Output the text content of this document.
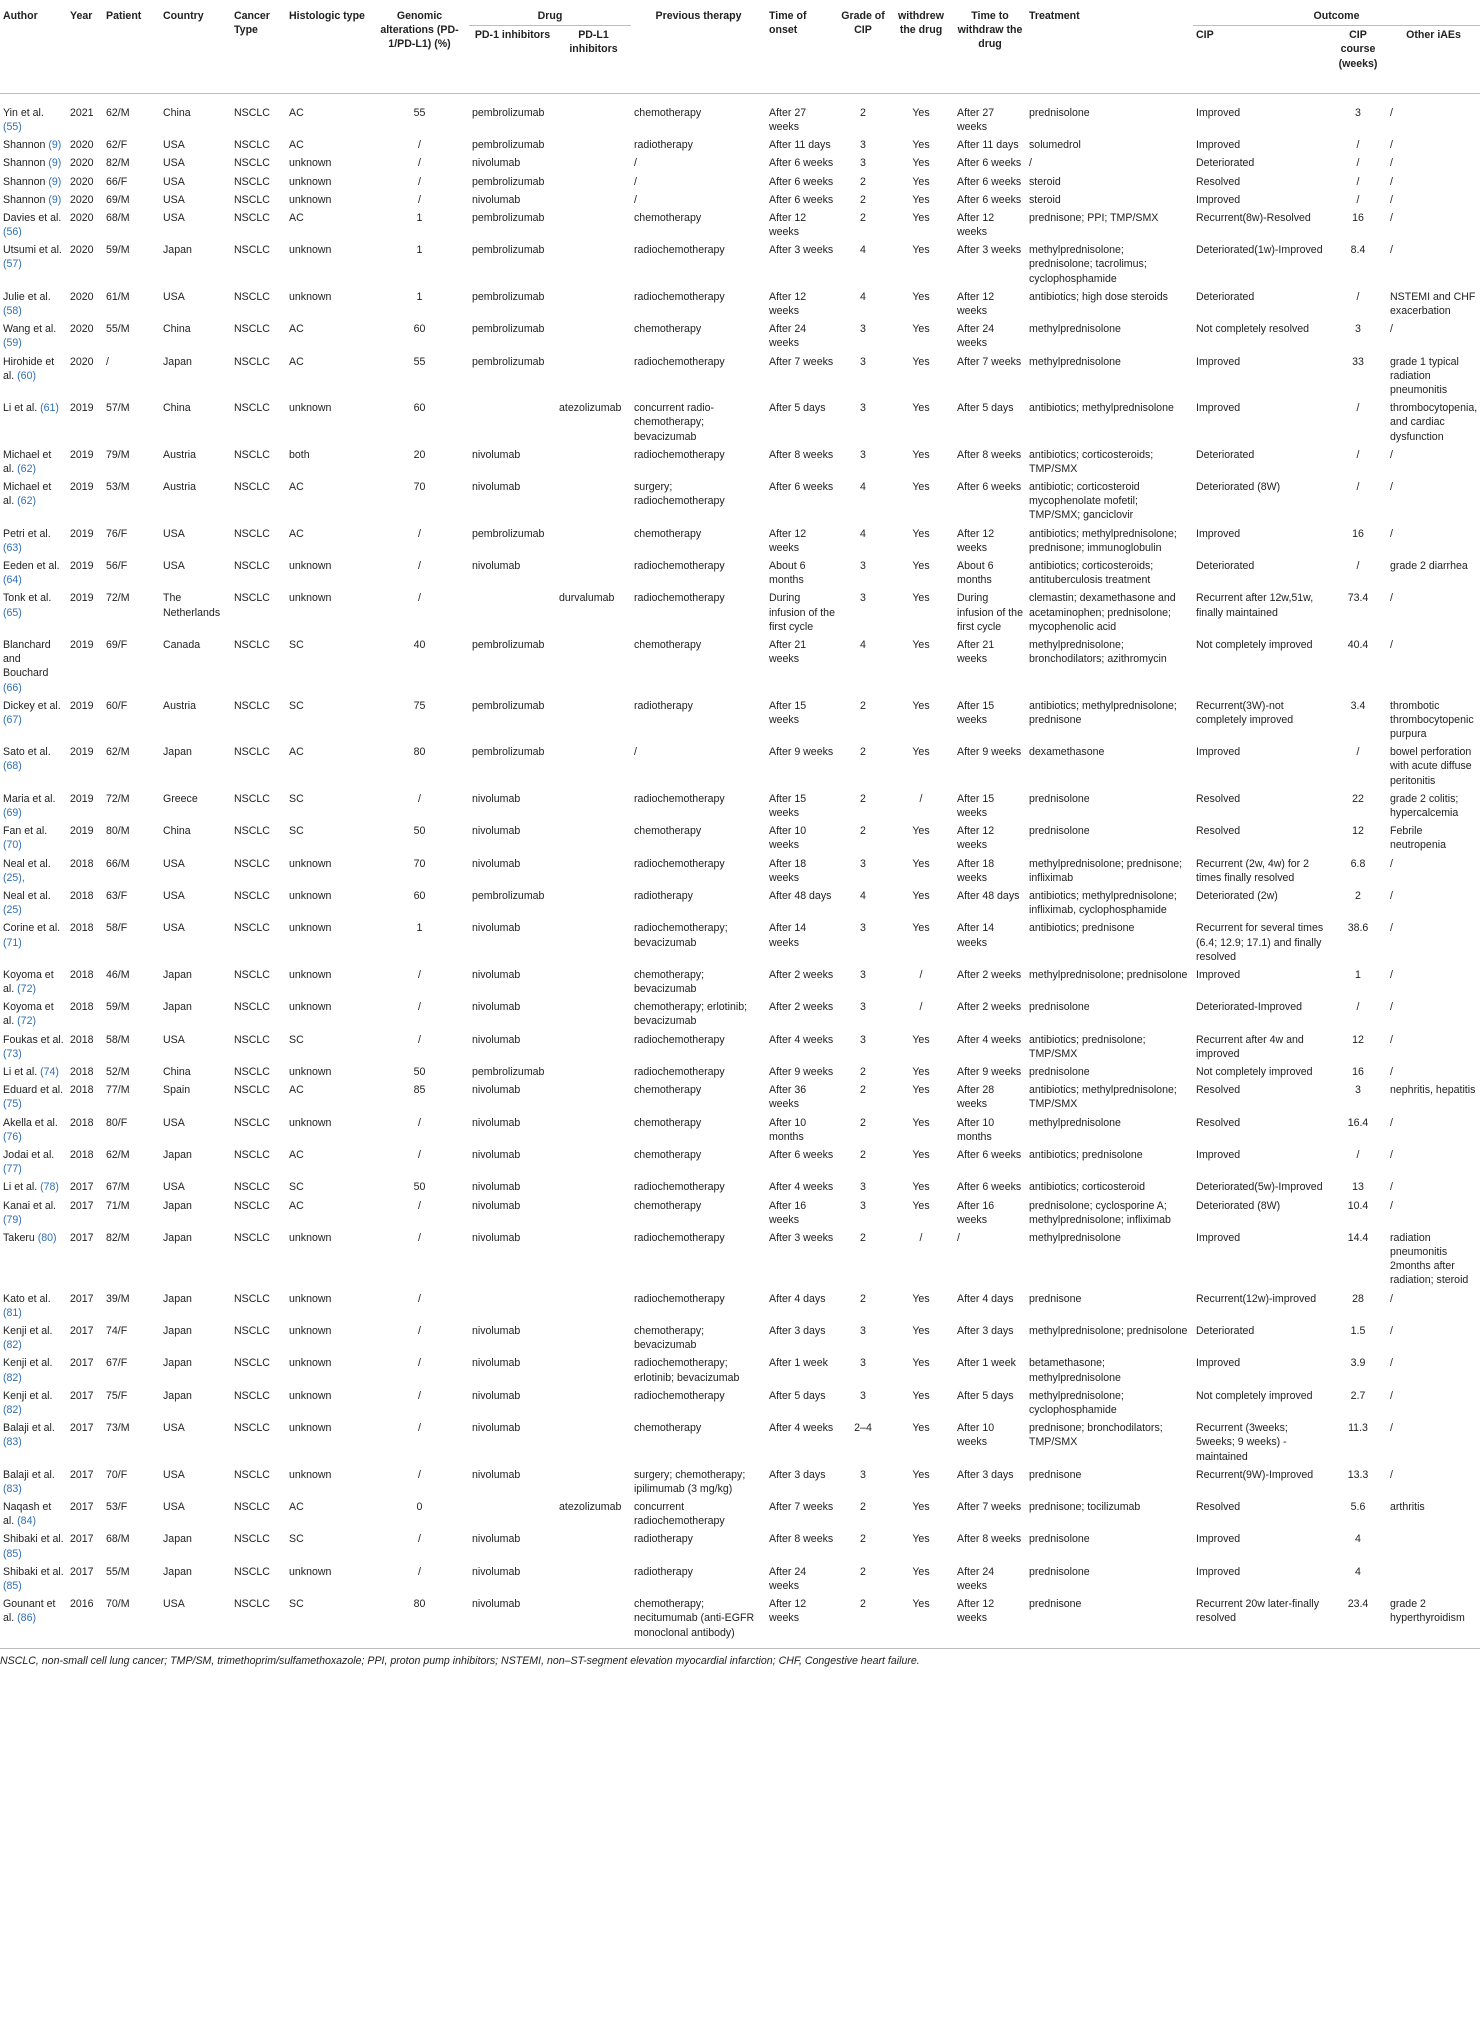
Author	Year	Patient	Country	Cancer Type	Histologic type	Genomic alterations (PD-1/PD-L1) (%)	Drug		Previous therapy	Time of onset	Grade of CIP	withdrew the drug	Time to withdraw the drug	Treatment	Outcome		
							PD-1 inhibitors	PD-L1 inhibitors							CIP	CIP course (weeks)	Other iAEs
Yin et al. (55)	2021	62/M	China	NSCLC	AC	55	pembrolizumab		chemotherapy	After 27 weeks	2	Yes	After 27 weeks	prednisolone	Improved	3	/
Shannon (9)	2020	62/F	USA	NSCLC	AC	/	pembrolizumab		radiotherapy	After 11 days	3	Yes	After 11 days	solumedrol	Improved	/	/
Shannon (9)	2020	82/M	USA	NSCLC	unknown	/	nivolumab		/	After 6 weeks	3	Yes	After 6 weeks	/	Deteriorated	/	/
Shannon (9)	2020	66/F	USA	NSCLC	unknown	/	pembrolizumab		/	After 6 weeks	2	Yes	After 6 weeks	steroid	Resolved	/	/
Shannon (9)	2020	69/M	USA	NSCLC	unknown	/	nivolumab		/	After 6 weeks	2	Yes	After 6 weeks	steroid	Improved	/	/
Davies et al. (56)	2020	68/M	USA	NSCLC	AC	1	pembrolizumab		chemotherapy	After 12 weeks	2	Yes	After 12 weeks	prednisone; PPI; TMP/SMX	Recurrent(8w)-Resolved	16	/
Utsumi et al. (57)	2020	59/M	Japan	NSCLC	unknown	1	pembrolizumab		radiochemotherapy	After 3 weeks	4	Yes	After 3 weeks	methylprednisolone; prednisolone; tacrolimus; cyclophosphamide	Deteriorated(1w)-Improved	8.4	/
Julie et al. (58)	2020	61/M	USA	NSCLC	unknown	1	pembrolizumab		radiochemotherapy	After 12 weeks	4	Yes	After 12 weeks	antibiotics; high dose steroids	Deteriorated	/	NSTEMI and CHF exacerbation
Wang et al. (59)	2020	55/M	China	NSCLC	AC	60	pembrolizumab		chemotherapy	After 24 weeks	3	Yes	After 24 weeks	methylprednisolone	Not completely resolved	3	/
Hirohide et al. (60)	2020	/	Japan	NSCLC	AC	55	pembrolizumab		radiochemotherapy	After 7 weeks	3	Yes	After 7 weeks	methylprednisolone	Improved	33	grade 1 typical radiation pneumonitis
Li et al. (61)	2019	57/M	China	NSCLC	unknown	60		atezolizumab	concurrent radio-chemotherapy; bevacizumab	After 5 days	3	Yes	After 5 days	antibiotics; methylprednisolone	Improved	/	thrombocytopenia, and cardiac dysfunction
Michael et al. (62)	2019	79/M	Austria	NSCLC	both	20	nivolumab		radiochemotherapy	After 8 weeks	3	Yes	After 8 weeks	antibiotics; corticosteroids; TMP/SMX	Deteriorated	/	/
Michael et al. (62)	2019	53/M	Austria	NSCLC	AC	70	nivolumab		surgery; radiochemotherapy	After 6 weeks	4	Yes	After 6 weeks	antibiotic; corticosteroid mycophenolate mofetil; TMP/SMX; ganciclovir	Deteriorated (8W)	/	/
Petri et al. (63)	2019	76/F	USA	NSCLC	AC	/	pembrolizumab		chemotherapy	After 12 weeks	4	Yes	After 12 weeks	antibiotics; methylprednisolone; prednisone; immunoglobulin	Improved	16	/
Eeden et al. (64)	2019	56/F	USA	NSCLC	unknown	/	nivolumab		radiochemotherapy	About 6 months	3	Yes	About 6 months	antibiotics; corticosteroids; antituberculosis treatment	Deteriorated	/	grade 2 diarrhea
Tonk et al. (65)	2019	72/M	The Netherlands	NSCLC	unknown	/		durvalumab	radiochemotherapy	During infusion of the first cycle	3	Yes	During infusion of the first cycle	clemastin; dexamethasone and acetaminophen; prednisolone; mycophenolic acid	Recurrent after 12w,51w, finally maintained	73.4	/
Blanchard and Bouchard (66)	2019	69/F	Canada	NSCLC	SC	40	pembrolizumab		chemotherapy	After 21 weeks	4	Yes	After 21 weeks	methylprednisolone; bronchodilators; azithromycin	Not completely improved	40.4	/
Dickey et al. (67)	2019	60/F	Austria	NSCLC	SC	75	pembrolizumab		radiotherapy	After 15 weeks	2	Yes	After 15 weeks	antibiotics; methylprednisolone; prednisone	Recurrent(3W)-not completely improved	3.4	thrombotic thrombocytopenic purpura
Sato et al. (68)	2019	62/M	Japan	NSCLC	AC	80	pembrolizumab		/	After 9 weeks	2	Yes	After 9 weeks	dexamethasone	Improved	/	bowel perforation with acute diffuse peritonitis
Maria et al. (69)	2019	72/M	Greece	NSCLC	SC	/	nivolumab		radiochemotherapy	After 15 weeks	2	/	After 15 weeks	prednisolone	Resolved	22	grade 2 colitis; hypercalcemia
Fan et al. (70)	2019	80/M	China	NSCLC	SC	50	nivolumab		chemotherapy	After 10 weeks	2	Yes	After 12 weeks	prednisolone	Resolved	12	Febrile neutropenia
Neal et al. (25),	2018	66/M	USA	NSCLC	unknown	70	nivolumab		radiochemotherapy	After 18 weeks	3	Yes	After 18 weeks	methylprednisolone; prednisone; infliximab	Recurrent (2w, 4w) for 2 times finally resolved	6.8	/
Neal et al. (25)	2018	63/F	USA	NSCLC	unknown	60	pembrolizumab		radiotherapy	After 48 days	4	Yes	After 48 days	antibiotics; methylprednisolone; infliximab, cyclophosphamide	Deteriorated (2w)	2	/
Corine et al. (71)	2018	58/F	USA	NSCLC	unknown	1	nivolumab		radiochemotherapy; bevacizumab	After 14 weeks	3	Yes	After 14 weeks	antibiotics; prednisone	Recurrent for several times (6.4; 12.9; 17.1) and finally resolved	38.6	/
Koyoma et al. (72)	2018	46/M	Japan	NSCLC	unknown	/	nivolumab		chemotherapy; bevacizumab	After 2 weeks	3	/	After 2 weeks	methylprednisolone; prednisolone	Improved	1	/
Koyoma et al. (72)	2018	59/M	Japan	NSCLC	unknown	/	nivolumab		chemotherapy; erlotinib; bevacizumab	After 2 weeks	3	/	After 2 weeks	prednisolone	Deteriorated-Improved	/	/
Foukas et al. (73)	2018	58/M	USA	NSCLC	SC	/	nivolumab		radiochemotherapy	After 4 weeks	3	Yes	After 4 weeks	antibiotics; prednisolone; TMP/SMX	Recurrent after 4w and improved	12	/
Li et al. (74)	2018	52/M	China	NSCLC	unknown	50	pembrolizumab		radiochemotherapy	After 9 weeks	2	Yes	After 9 weeks	prednisolone	Not completely improved	16	/
Eduard et al. (75)	2018	77/M	Spain	NSCLC	AC	85	nivolumab		chemotherapy	After 36 weeks	2	Yes	After 28 weeks	antibiotics; methylprednisolone; TMP/SMX	Resolved	3	nephritis, hepatitis
Akella et al. (76)	2018	80/F	USA	NSCLC	unknown	/	nivolumab		chemotherapy	After 10 months	2	Yes	After 10 months	methylprednisolone	Resolved	16.4	/
Jodai et al. (77)	2018	62/M	Japan	NSCLC	AC	/	nivolumab		chemotherapy	After 6 weeks	2	Yes	After 6 weeks	antibiotics; prednisolone	Improved	/	/
Li et al. (78)	2017	67/M	USA	NSCLC	SC	50	nivolumab		radiochemotherapy	After 4 weeks	3	Yes	After 6 weeks	antibiotics; corticosteroid	Deteriorated(5w)-Improved	13	/
Kanai et al. (79)	2017	71/M	Japan	NSCLC	AC	/	nivolumab		chemotherapy	After 16 weeks	3	Yes	After 16 weeks	prednisolone; cyclosporine A; methylprednisolone; infliximab	Deteriorated (8W)	10.4	/
Takeru (80)	2017	82/M	Japan	NSCLC	unknown	/	nivolumab		radiochemotherapy	After 3 weeks	2	/	/	methylprednisolone	Improved	14.4	radiation pneumonitis 2months after radiation; steroid
Kato et al. (81)	2017	39/M	Japan	NSCLC	unknown	/			radiochemotherapy	After 4 days	2	Yes	After 4 days	prednisone	Recurrent(12w)-improved	28	/
Kenji et al. (82)	2017	74/F	Japan	NSCLC	unknown	/	nivolumab		chemotherapy; bevacizumab	After 3 days	3	Yes	After 3 days	methylprednisolone; prednisolone	Deteriorated	1.5	/
Kenji et al. (82)	2017	67/F	Japan	NSCLC	unknown	/	nivolumab		radiochemotherapy; erlotinib; bevacizumab	After 1 week	3	Yes	After 1 week	betamethasone; methylprednisolone	Improved	3.9	/
Kenji et al. (82)	2017	75/F	Japan	NSCLC	unknown	/	nivolumab		radiochemotherapy	After 5 days	3	Yes	After 5 days	methylprednisolone; cyclophosphamide	Not completely improved	2.7	/
Balaji et al. (83)	2017	73/M	USA	NSCLC	unknown	/	nivolumab		chemotherapy	After 4 weeks	2–4	Yes	After 10 weeks	prednisone; bronchodilators; TMP/SMX	Recurrent (3weeks; 5weeks; 9 weeks) - maintained	11.3	/
Balaji et al. (83)	2017	70/F	USA	NSCLC	unknown	/	nivolumab		surgery; chemotherapy; ipilimumab (3 mg/kg)	After 3 days	3	Yes	After 3 days	prednisone	Recurrent(9W)-Improved	13.3	/
Naqash et al. (84)	2017	53/F	USA	NSCLC	AC	0		atezolizumab	concurrent radiochemotherapy	After 7 weeks	2	Yes	After 7 weeks	prednisone; tocilizumab	Resolved	5.6	arthritis
Shibaki et al. (85)	2017	68/M	Japan	NSCLC	SC	/	nivolumab		radiotherapy	After 8 weeks	2	Yes	After 8 weeks	prednisolone	Improved	4	
Shibaki et al. (85)	2017	55/M	Japan	NSCLC	unknown	/	nivolumab		radiotherapy	After 24 weeks	2	Yes	After 24 weeks	prednisolone	Improved	4	
Gounant et al. (86)	2016	70/M	USA	NSCLC	SC	80	nivolumab		chemotherapy; necitumumab (anti-EGFR monoclonal antibody)	After 12 weeks	2	Yes	After 12 weeks	prednisone	Recurrent 20w later-finally resolved	23.4	grade 2 hyperthyroidism
NSCLC, non-small cell lung cancer; TMP/SM, trimethoprim/sulfamethoxazole; PPI, proton pump inhibitors; NSTEMI, non–ST-segment elevation myocardial infarction; CHF, Congestive heart failure.
